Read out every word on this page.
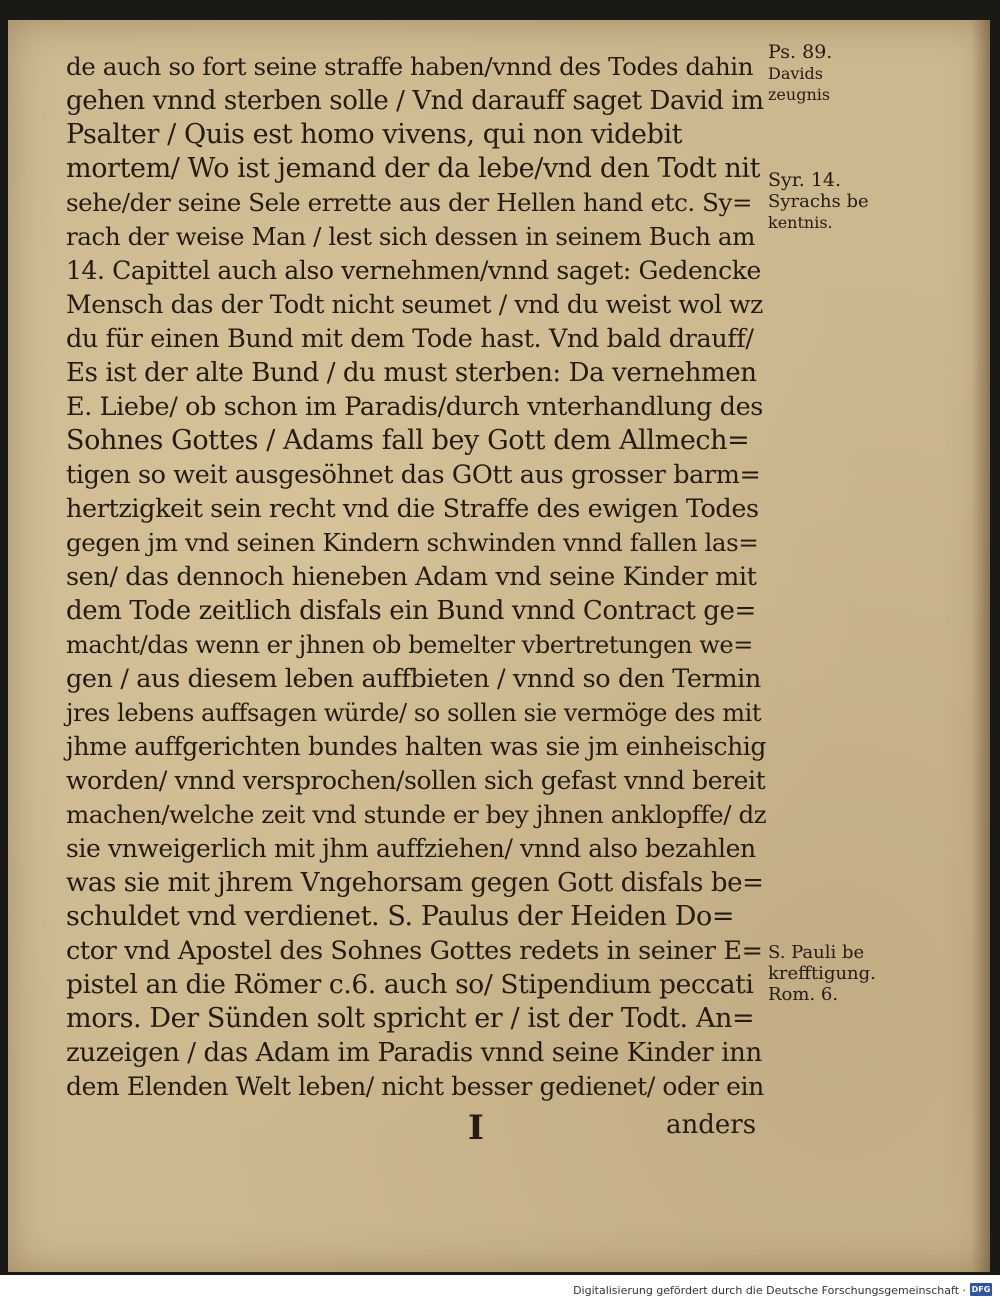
de auch so fort seine straffe haben/vnnd des Todes dahin
gehen vnnd sterben solle / Vnd darauff saget David im
Psalter / Quis est homo vivens, qui non videbit
mortem/ Wo ist jemand der da lebe/vnd den Todt nit
sehe/der seine Sele errette aus der Hellen hand etc. Sy=
rach der weise Man / lest sich dessen in seinem Buch am
14. Capittel auch also vernehmen/vnnd saget: Gedencke
Mensch das der Todt nicht seumet / vnd du weist wol wz
du für einen Bund mit dem Tode hast. Vnd bald drauff/
Es ist der alte Bund / du must sterben: Da vernehmen
E. Liebe/ ob schon im Paradis/durch vnterhandlung des
Sohnes Gottes / Adams fall bey Gott dem Allmech=
tigen so weit ausgesöhnet das GOtt aus grosser barm=
hertzigkeit sein recht vnd die Straffe des ewigen Todes
gegen jm vnd seinen Kindern schwinden vnnd fallen las=
sen/ das dennoch hieneben Adam vnd seine Kinder mit
dem Tode zeitlich disfals ein Bund vnnd Contract ge=
macht/das wenn er jhnen ob bemelter vbertretungen we=
gen / aus diesem leben auffbieten / vnnd so den Termin
jres lebens auffsagen würde/ so sollen sie vermöge des mit
jhme auffgerichten bundes halten was sie jm einheischig
worden/ vnnd versprochen/sollen sich gefast vnnd bereit
machen/welche zeit vnd stunde er bey jhnen anklopffe/ dz
sie vnweigerlich mit jhm auffziehen/ vnnd also bezahlen
was sie mit jhrem Vngehorsam gegen Gott disfals be=
schuldet vnd verdienet. S. Paulus der Heiden Do=
ctor vnd Apostel des Sohnes Gottes redets in seiner E=
pistel an die Römer c.6. auch so/ Stipendium peccati
mors. Der Sünden solt spricht er / ist der Todt. An=
zuzeigen / das Adam im Paradis vnnd seine Kinder inn
dem Elenden Welt leben/ nicht besser gedienet/ oder ein
I	anders
Ps. 89.
Davids
zeugnis
Syr. 14.
Syrachs be
kentnis.
S. Pauli be
krefftigung.
Rom. 6.
Digitalisierung gefördert durch die Deutsche Forschungsgemeinschaft · DFG
